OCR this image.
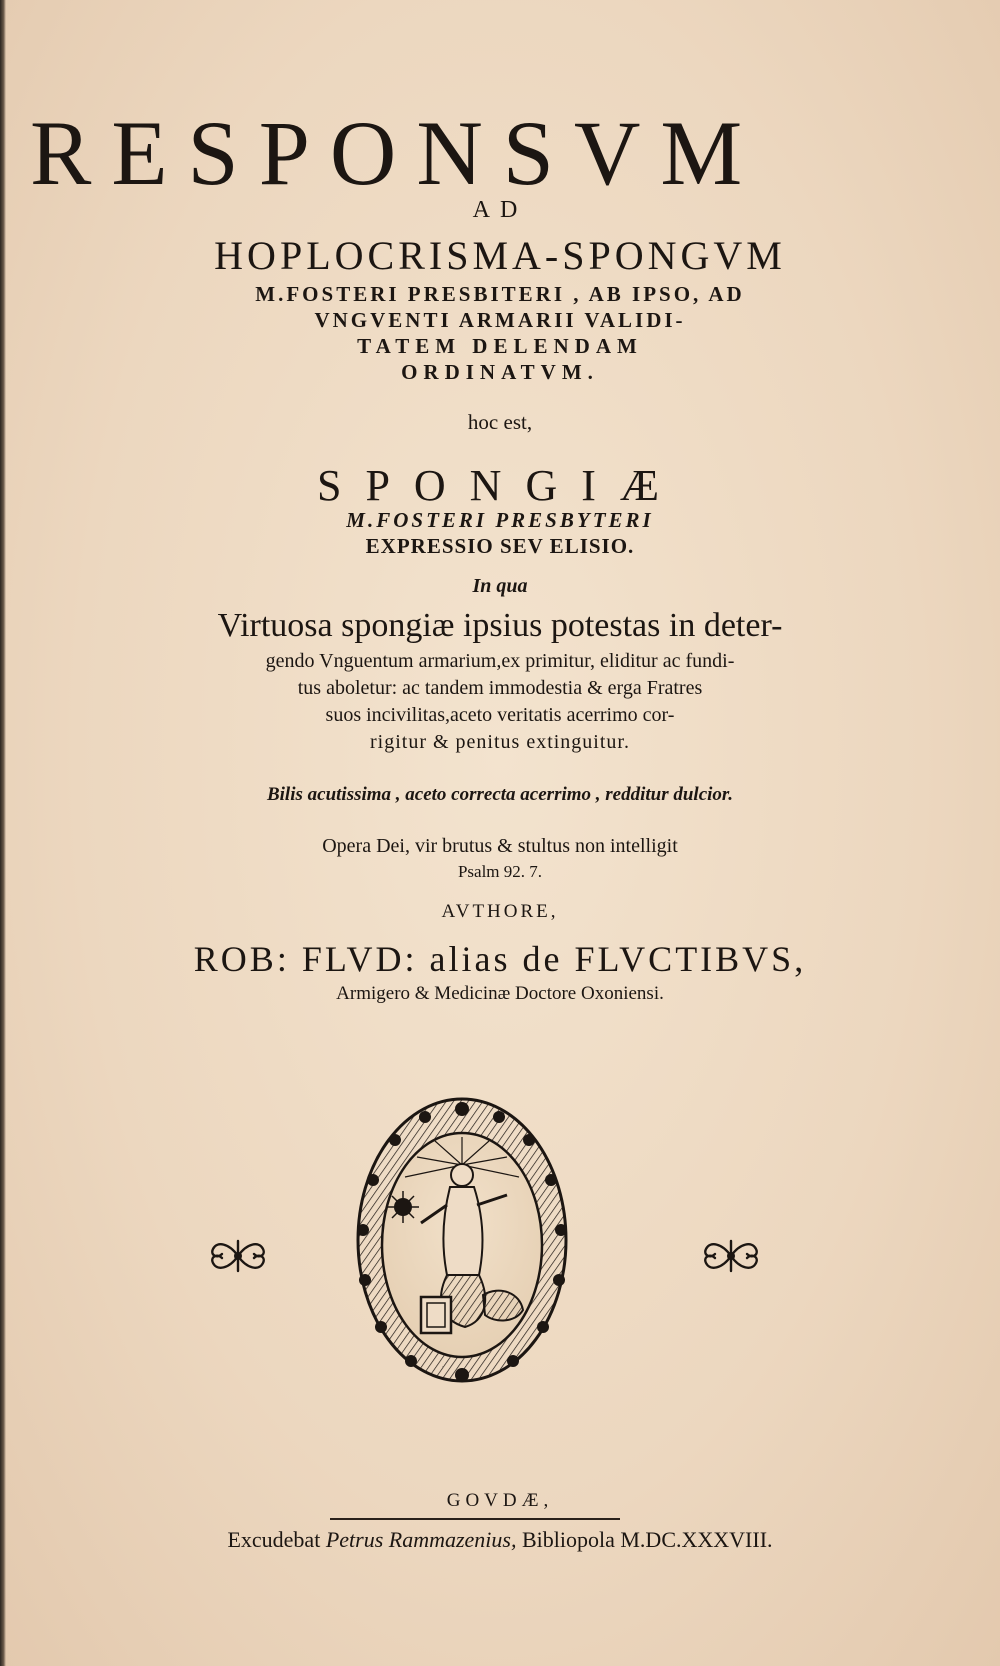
RESPONSVM
AD
HOPLOCRISMA-SPONGVM
M.FOSTERI PRESBITERI , AB IPSO, AD
VNGVENTI ARMARII VALIDI-
TATEM DELENDAM
ORDINATVM.
hoc est,
SPONGIÆ
M.FOSTERI PRESBYTERI
EXPRESSIO SEV ELISIO.
In qua
Virtuosa spongiæ ipsius potestas in deter-
gendo Vnguentum armarium,ex primitur, eliditur ac fundi-
tus aboletur: ac tandem immodestia & erga Fratres
suos incivilitas,aceto veritatis acerrimo cor-
rigitur & penitus extinguitur.
Bilis acutissima , aceto correcta acerrimo , redditur dulcior.
Opera Dei, vir brutus & stultus non intelligit
Psalm 92. 7.
AVTHORE,
ROB: FLVD: alias de FLVCTIBVS,
Armigero & Medicinæ Doctore Oxoniensi.
GOVDÆ,
Excudebat Petrus Rammazenius, Bibliopola M.DC.XXXVIII.
